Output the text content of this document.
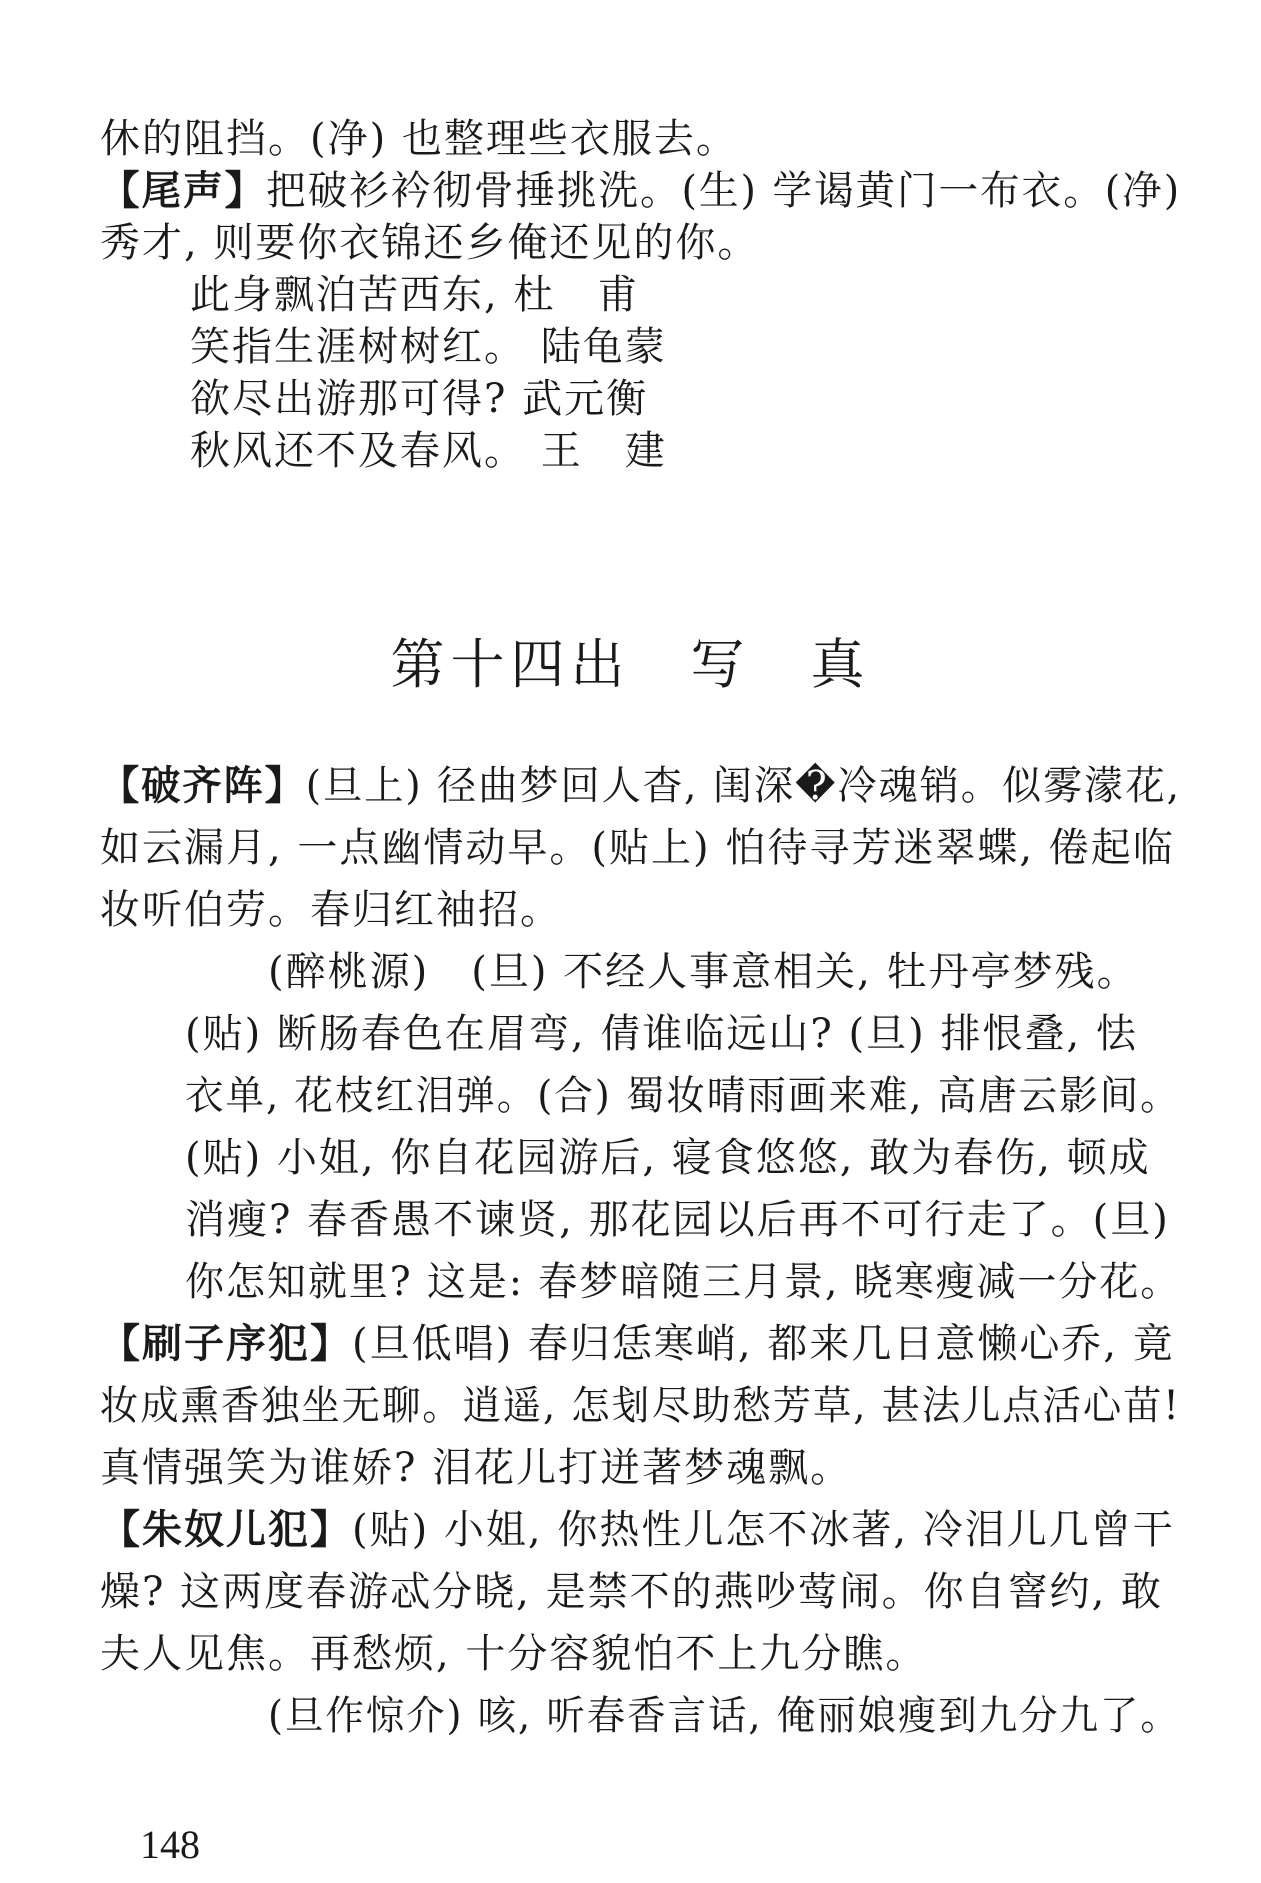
休的阻挡。(净) 也整理些衣服去。
【尾声】把破衫衿彻骨捶挑洗。(生) 学谒黄门一布衣。(净)
秀才, 则要你衣锦还乡俺还见的你。
此身飘泊苦西东, 杜　甫
笑指生涯树树红。 陆龟蒙
欲尽出游那可得? 武元衡
秋风还不及春风。 王　建
第十四出　写　真
【破齐阵】(旦上) 径曲梦回人杳, 闺深�冷魂销。似雾濛花,
如云漏月, 一点幽情动早。(贴上) 怕待寻芳迷翠蝶, 倦起临
妆听伯劳。春归红袖招。
(醉桃源)　(旦) 不经人事意相关, 牡丹亭梦残。
(贴) 断肠春色在眉弯, 倩谁临远山? (旦) 排恨叠, 怯
衣单, 花枝红泪弹。(合) 蜀妆晴雨画来难, 高唐云影间。
(贴) 小姐, 你自花园游后, 寝食悠悠, 敢为春伤, 顿成
消瘦? 春香愚不谏贤, 那花园以后再不可行走了。(旦)
你怎知就里? 这是: 春梦暗随三月景, 晓寒瘦减一分花。
【刷子序犯】(旦低唱) 春归恁寒峭, 都来几日意懒心乔, 竟
妆成熏香独坐无聊。逍遥, 怎刬尽助愁芳草, 甚法儿点活心苗!
真情强笑为谁娇? 泪花儿打迸著梦魂飘。
【朱奴儿犯】(贴) 小姐, 你热性儿怎不冰著, 冷泪儿几曾干
燥? 这两度春游忒分晓, 是禁不的燕吵莺闹。你自窨约, 敢
夫人见焦。再愁烦, 十分容貌怕不上九分瞧。
(旦作惊介) 咳, 听春香言话, 俺丽娘瘦到九分九了。
148
